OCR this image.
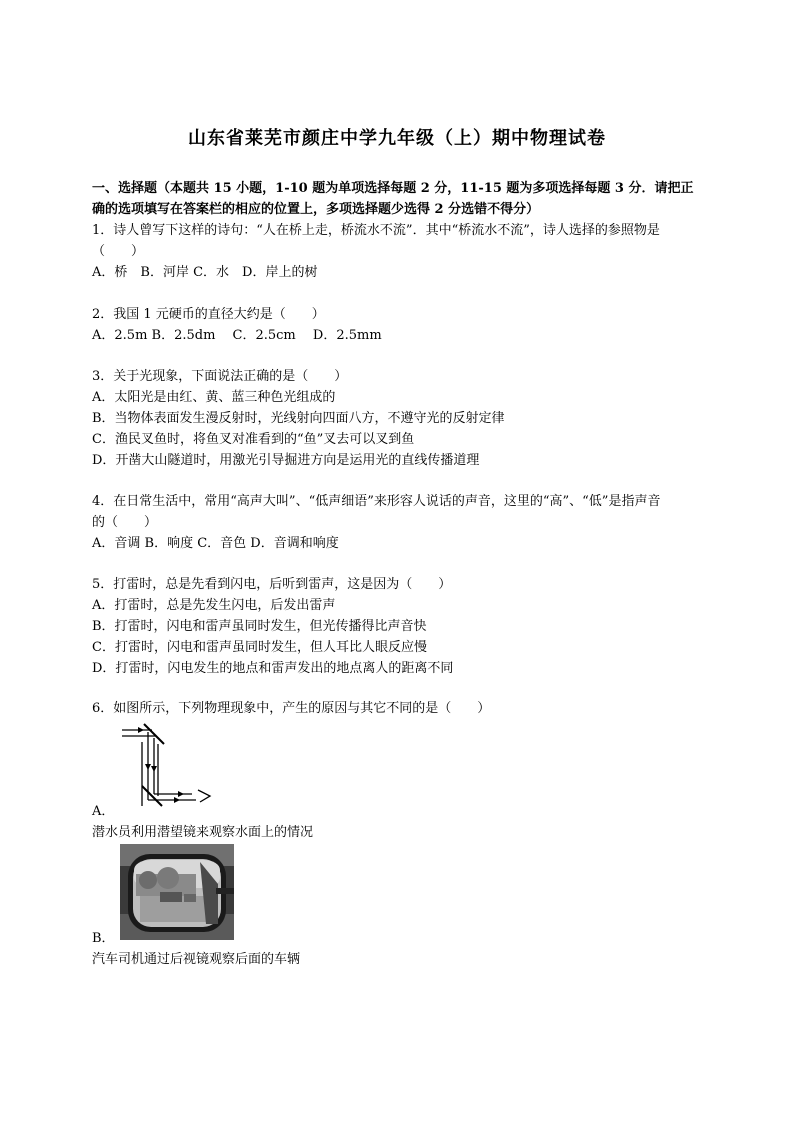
山东省莱芜市颜庄中学九年级（上）期中物理试卷
一、选择题（本题共 15 小题，1-10 题为单项选择每题 2 分，11-15 题为多项选择每题 3 分．请把正
确的选项填写在答案栏的相应的位置上，多项选择题少选得 2 分选错不得分）
1．诗人曾写下这样的诗句：“人在桥上走，桥流水不流”．其中“桥流水不流”，诗人选择的参照物是
（　　）
A．桥　B．河岸 C．水　D．岸上的树
2．我国 1 元硬币的直径大约是（　　）
A．2.5m B．2.5dm　 C．2.5cm　 D．2.5mm
3．关于光现象，下面说法正确的是（　　）
A．太阳光是由红、黄、蓝三种色光组成的
B．当物体表面发生漫反射时，光线射向四面八方，不遵守光的反射定律
C．渔民叉鱼时，将鱼叉对准看到的“鱼”叉去可以叉到鱼
D．开凿大山隧道时，用激光引导掘进方向是运用光的直线传播道理
4．在日常生活中，常用“高声大叫”、“低声细语”来形容人说话的声音，这里的“高”、“低”是指声音
的（　　）
A．音调 B．响度 C．音色 D．音调和响度
5．打雷时，总是先看到闪电，后听到雷声，这是因为（　　）
A．打雷时，总是先发生闪电，后发出雷声
B．打雷时，闪电和雷声虽同时发生，但光传播得比声音快
C．打雷时，闪电和雷声虽同时发生，但人耳比人眼反应慢
D．打雷时，闪电发生的地点和雷声发出的地点离人的距离不同
6．如图所示，下列物理现象中，产生的原因与其它不同的是（　　）
A．
潜水员利用潜望镜来观察水面上的情况
B．
汽车司机通过后视镜观察后面的车辆
